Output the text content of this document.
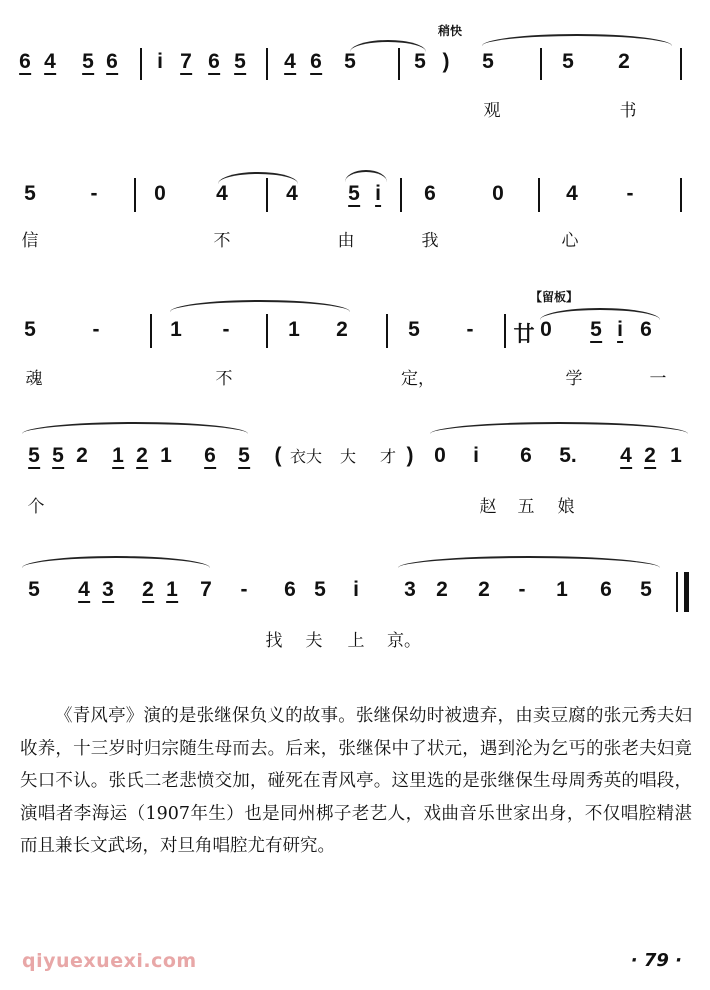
稍快
6 4 5 6 i 7 6 5 4 6 5	5 ) 5	5 2
观	书
5	-	0 4	4 5 i 6	0	4 -
信	不	由	我	心
【留板】
5	-	1 -	1 2	5 - 廿 0 5 i 6
魂	不	定，	学	一
5 5 2 1 2 1 6 5 ( 衣大 大 才 ) 0 i 6 5. 4 2 1
个	赵 五 娘
5 4 3 2 1 7 - 6 5 i 3 2 2 - 1 6 5
找 夫 上 京。

《青风亭》演的是张继保负义的故事。张继保幼时被遗弃，由卖豆腐的张元秀夫妇收养，十三岁时归宗随生母而去。后来，张继保中了状元，遇到沦为乞丐的张老夫妇竟矢口不认。张氏二老悲愤交加，碰死在青风亭。这里选的是张继保生母周秀英的唱段，演唱者李海运（1907年生）也是同州梆子老艺人，戏曲音乐世家出身，不仅唱腔精湛而且兼长文武场，对旦角唱腔尤有研究。

qiyuexuexi.com	· 79 ·
